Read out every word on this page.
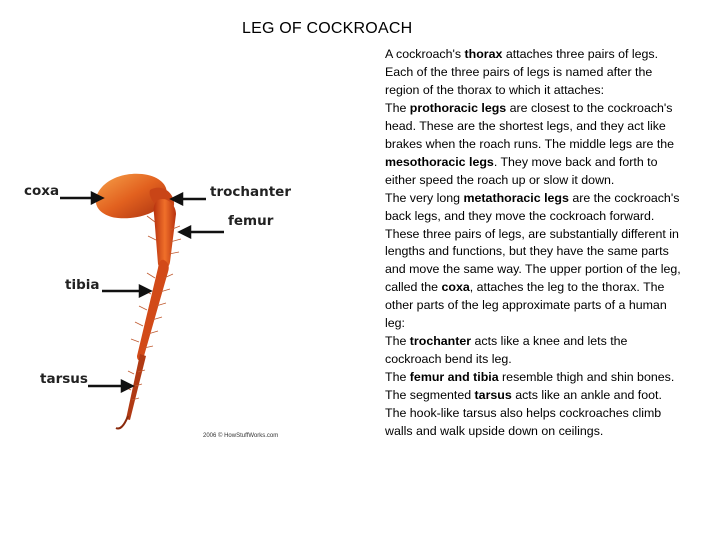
LEG OF COCKROACH
coxa	trochanter
femur
tibia
tarsus
2006 © HowStuffWorks.com

A cockroach's thorax attaches three pairs of legs. Each of the three pairs of legs is named after the region of the thorax to which it attaches:

The prothoracic legs are closest to the cockroach's head. These are the shortest legs, and they act like brakes when the roach runs. The middle legs are the mesothoracic legs. They move back and forth to either speed the roach up or slow it down.

The very long metathoracic legs are the cockroach's back legs, and they move the cockroach forward.

These three pairs of legs, are substantially different in lengths and functions, but they have the same parts and move the same way. The upper portion of the leg, called the coxa, attaches the leg to the thorax. The other parts of the leg approximate parts of a human leg:

The trochanter acts like a knee and lets the cockroach bend its leg.

The femur and tibia resemble thigh and shin bones.

The segmented tarsus acts like an ankle and foot. The hook-like tarsus also helps cockroaches climb walls and walk upside down on ceilings.
